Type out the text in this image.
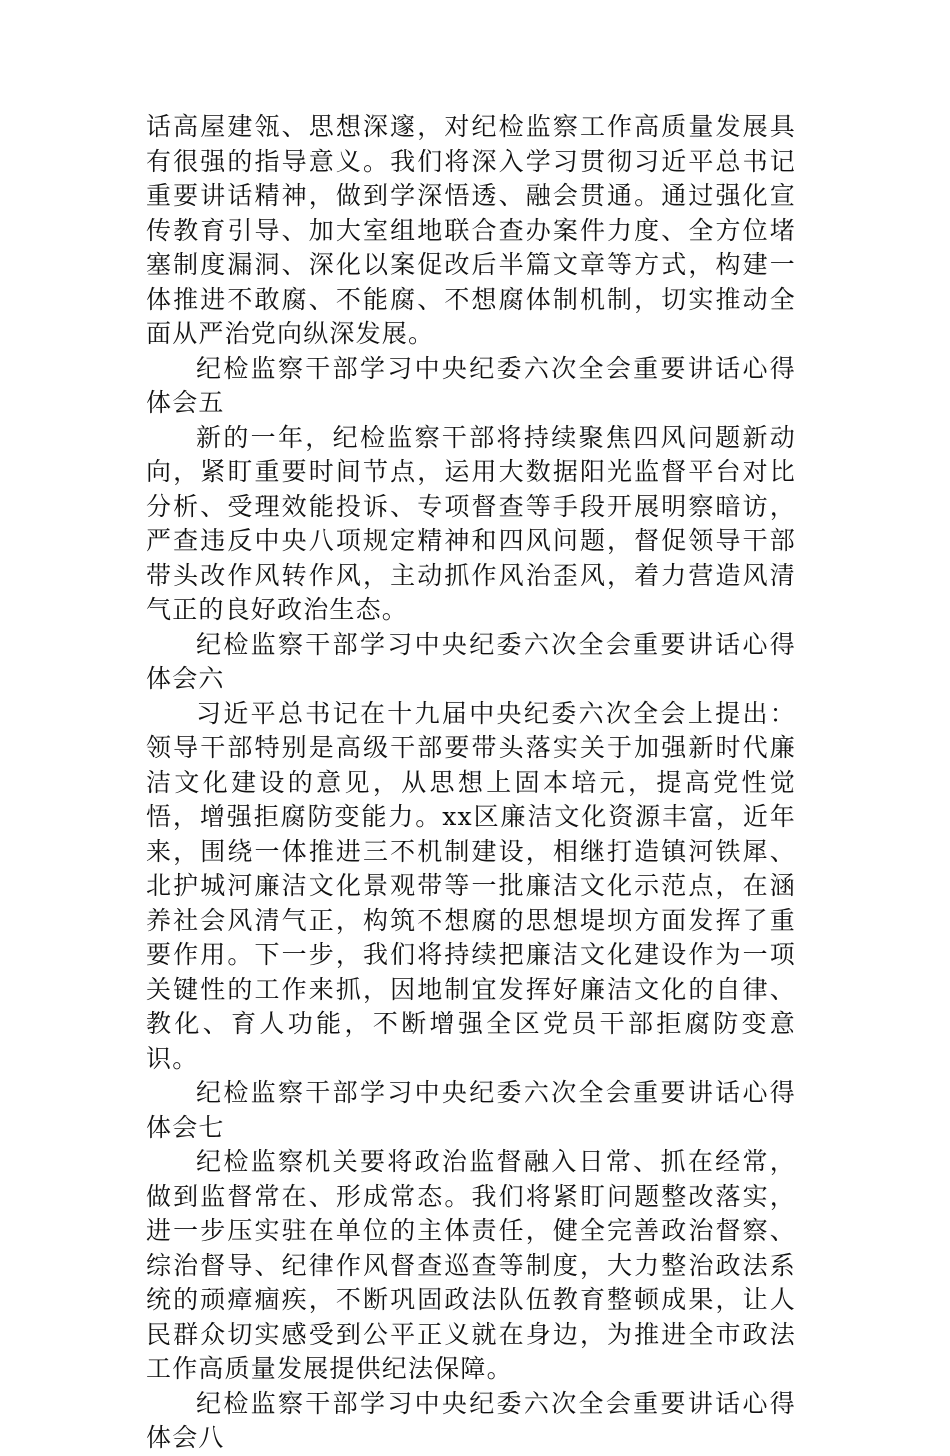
话高屋建瓴、思想深邃，对纪检监察工作高质量发展具有很强的指导意义。我们将深入学习贯彻习近平总书记重要讲话精神，做到学深悟透、融会贯通。通过强化宣传教育引导、加大室组地联合查办案件力度、全方位堵塞制度漏洞、深化以案促改后半篇文章等方式，构建一体推进不敢腐、不能腐、不想腐体制机制，切实推动全面从严治党向纵深发展。

纪检监察干部学习中央纪委六次全会重要讲话心得体会五

新的一年，纪检监察干部将持续聚焦四风问题新动向，紧盯重要时间节点，运用大数据阳光监督平台对比分析、受理效能投诉、专项督查等手段开展明察暗访，严查违反中央八项规定精神和四风问题，督促领导干部带头改作风转作风，主动抓作风治歪风，着力营造风清气正的良好政治生态。

纪检监察干部学习中央纪委六次全会重要讲话心得体会六

习近平总书记在十九届中央纪委六次全会上提出：领导干部特别是高级干部要带头落实关于加强新时代廉洁文化建设的意见，从思想上固本培元，提高党性觉悟，增强拒腐防变能力。xx区廉洁文化资源丰富，近年来，围绕一体推进三不机制建设，相继打造镇河铁犀、北护城河廉洁文化景观带等一批廉洁文化示范点，在涵养社会风清气正，构筑不想腐的思想堤坝方面发挥了重要作用。下一步，我们将持续把廉洁文化建设作为一项关键性的工作来抓，因地制宜发挥好廉洁文化的自律、教化、育人功能，不断增强全区党员干部拒腐防变意识。

纪检监察干部学习中央纪委六次全会重要讲话心得体会七

纪检监察机关要将政治监督融入日常、抓在经常，做到监督常在、形成常态。我们将紧盯问题整改落实，进一步压实驻在单位的主体责任，健全完善政治督察、综治督导、纪律作风督查巡查等制度，大力整治政法系统的顽瘴痼疾，不断巩固政法队伍教育整顿成果，让人民群众切实感受到公平正义就在身边，为推进全市政法工作高质量发展提供纪法保障。

纪检监察干部学习中央纪委六次全会重要讲话心得体会八
